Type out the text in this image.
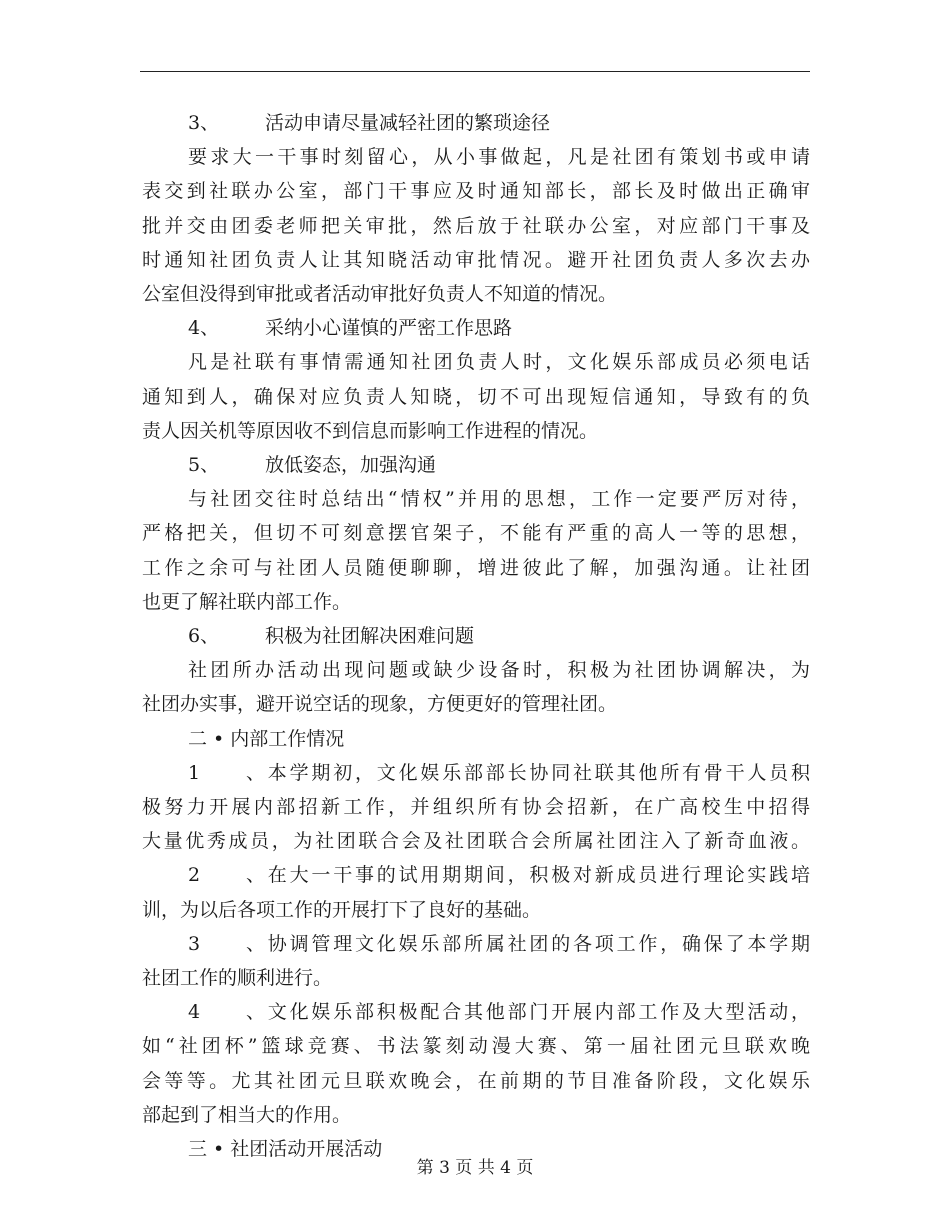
3、 活动申请尽量减轻社团的繁琐途径
要求大一干事时刻留心，从小事做起，凡是社团有策划书或申请
表交到社联办公室，部门干事应及时通知部长，部长及时做出正确审
批并交由团委老师把关审批，然后放于社联办公室，对应部门干事及
时通知社团负责人让其知晓活动审批情况。避开社团负责人多次去办
公室但没得到审批或者活动审批好负责人不知道的情况。
4、 采纳小心谨慎的严密工作思路
凡是社联有事情需通知社团负责人时，文化娱乐部成员必须电话
通知到人，确保对应负责人知晓，切不可出现短信通知，导致有的负
责人因关机等原因收不到信息而影响工作进程的情况。
5、 放低姿态，加强沟通
与社团交往时总结出“情权”并用的思想，工作一定要严厉对待，
严格把关，但切不可刻意摆官架子，不能有严重的高人一等的思想，
工作之余可与社团人员随便聊聊，增进彼此了解，加强沟通。让社团
也更了解社联内部工作。
6、 积极为社团解决困难问题
社团所办活动出现问题或缺少设备时，积极为社团协调解决，为
社团办实事，避开说空话的现象，方便更好的管理社团。
二 • 内部工作情况
1、本学期初，文化娱乐部部长协同社联其他所有骨干人员积
极努力开展内部招新工作，并组织所有协会招新，在广高校生中招得
大量优秀成员，为社团联合会及社团联合会所属社团注入了新奇血液。
2、在大一干事的试用期期间，积极对新成员进行理论实践培
训，为以后各项工作的开展打下了良好的基础。
3、协调管理文化娱乐部所属社团的各项工作，确保了本学期
社团工作的顺利进行。
4、文化娱乐部积极配合其他部门开展内部工作及大型活动，
如“社团杯”篮球竞赛、书法篆刻动漫大赛、第一届社团元旦联欢晚
会等等。尤其社团元旦联欢晚会，在前期的节目准备阶段，文化娱乐
部起到了相当大的作用。
三 • 社团活动开展活动
第 3 页 共 4 页
